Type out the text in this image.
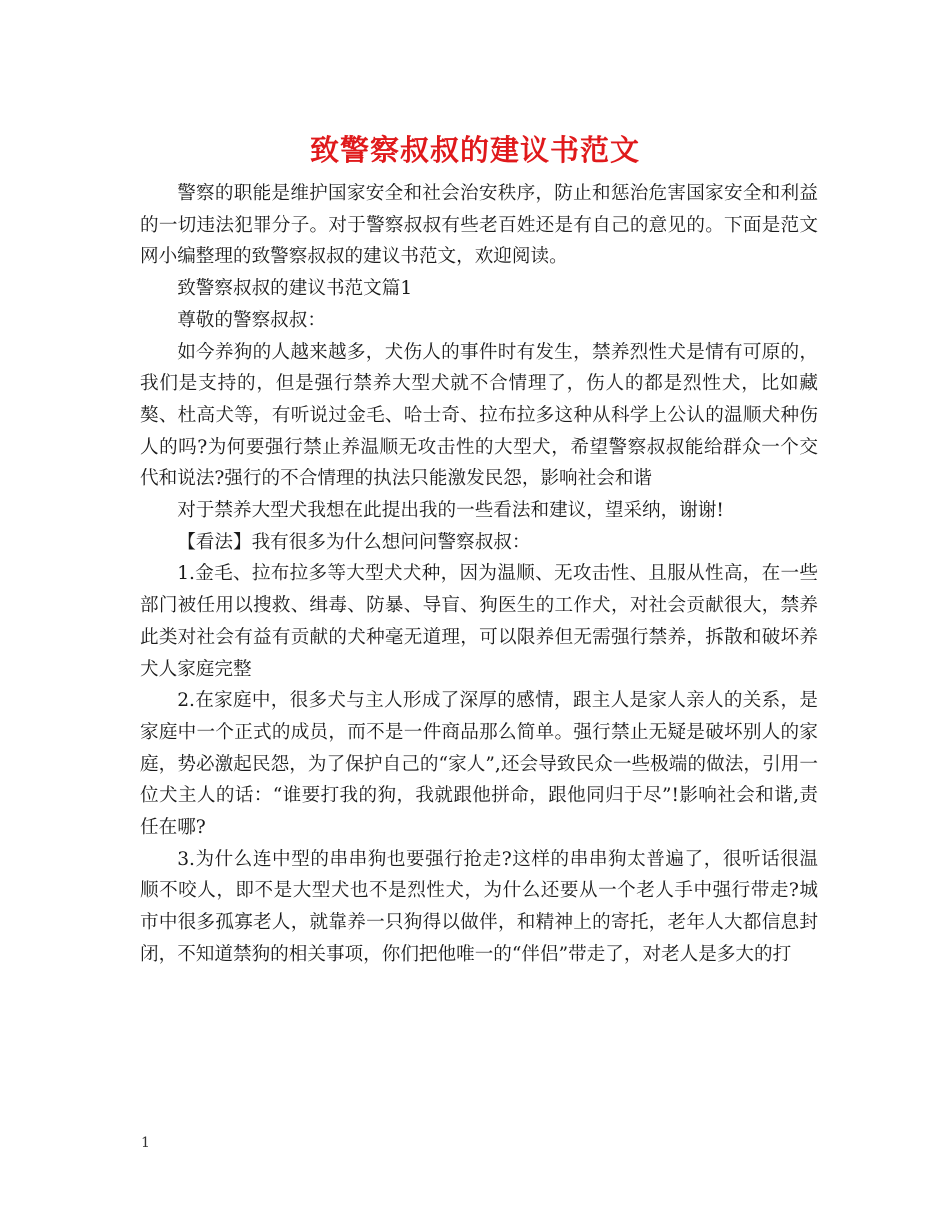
致警察叔叔的建议书范文

警察的职能是维护国家安全和社会治安秩序，防止和惩治危害国家安全和利益的一切违法犯罪分子。对于警察叔叔有些老百姓还是有自己的意见的。下面是范文网小编整理的致警察叔叔的建议书范文，欢迎阅读。

致警察叔叔的建议书范文篇1

尊敬的警察叔叔：

如今养狗的人越来越多，犬伤人的事件时有发生，禁养烈性犬是情有可原的，我们是支持的，但是强行禁养大型犬就不合情理了，伤人的都是烈性犬，比如藏獒、杜高犬等，有听说过金毛、哈士奇、拉布拉多这种从科学上公认的温顺犬种伤人的吗?为何要强行禁止养温顺无攻击性的大型犬，希望警察叔叔能给群众一个交代和说法?强行的不合情理的执法只能激发民怨，影响社会和谐

对于禁养大型犬我想在此提出我的一些看法和建议，望采纳，谢谢!

【看法】我有很多为什么想问问警察叔叔：

1.金毛、拉布拉多等大型犬犬种，因为温顺、无攻击性、且服从性高，在一些部门被任用以搜救、缉毒、防暴、导盲、狗医生的工作犬，对社会贡献很大，禁养此类对社会有益有贡献的犬种毫无道理，可以限养但无需强行禁养，拆散和破坏养犬人家庭完整

2.在家庭中，很多犬与主人形成了深厚的感情，跟主人是家人亲人的关系，是家庭中一个正式的成员，而不是一件商品那么简单。强行禁止无疑是破坏别人的家庭，势必激起民怨，为了保护自己的“家人”,还会导致民众一些极端的做法，引用一位犬主人的话：“谁要打我的狗，我就跟他拼命，跟他同归于尽”!影响社会和谐,责任在哪?

3.为什么连中型的串串狗也要强行抢走?这样的串串狗太普遍了，很听话很温顺不咬人，即不是大型犬也不是烈性犬，为什么还要从一个老人手中强行带走?城市中很多孤寡老人，就靠养一只狗得以做伴，和精神上的寄托，老年人大都信息封闭，不知道禁狗的相关事项，你们把他唯一的“伴侣”带走了，对老人是多大的打

1
